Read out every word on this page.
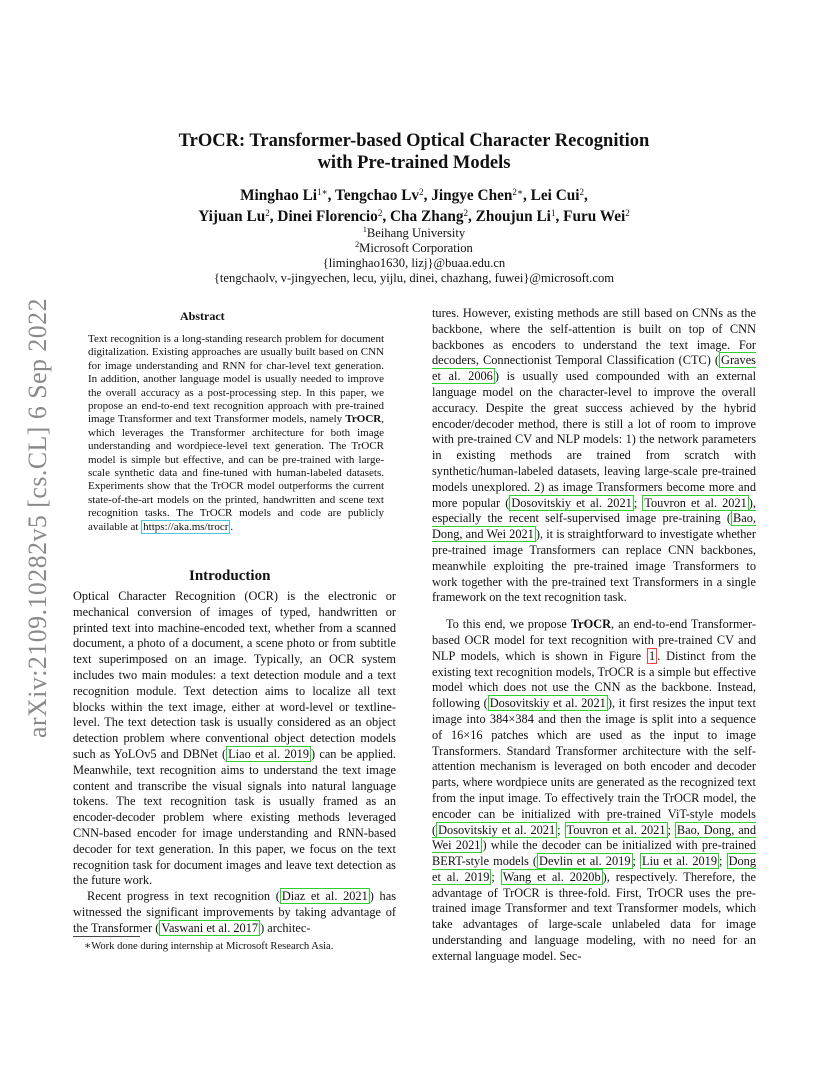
arXiv:2109.10282v5 [cs.CL] 6 Sep 2022
TrOCR: Transformer-based Optical Character Recognition
with Pre-trained Models
Minghao $Li^{1∗}$, Tengchao Lv$^2$, Jingye Chen$^{2∗}$, Lei Cui$^2$,
Yijuan Lu$^2$, Dinei Florencio$^2$, Cha Zhang$^2$, Zhoujun Li$^1$, Furu Wei$^2$
$^1$Beihang University
$^2$Microsoft Corporation
{liminghao1630, lizj}@buaa.edu.cn
{tengchaolv, v-jingyechen, lecu, yijlu, dinei, chazhang, fuwei}@microsoft.com
Abstract
Text recognition is a long-standing research problem for document digitalization. Existing approaches are usually built based on CNN for image understanding and RNN for char-level text generation. In addition, another language model is usually needed to improve the overall accuracy as a post-processing step. In this paper, we propose an end-to-end text recognition approach with pre-trained image Transformer and text Transformer models, namely TrOCR, which leverages the Transformer architecture for both image understanding and wordpiece-level text generation. The TrOCR model is simple but effective, and can be pre-trained with large-scale synthetic data and fine-tuned with human-labeled datasets. Experiments show that the TrOCR model outperforms the current state-of-the-art models on the printed, handwritten and scene text recognition tasks. The TrOCR models and code are publicly available at https://aka.ms/trocr .
Introduction

Optical Character Recognition (OCR) is the electronic or mechanical conversion of images of typed, handwritten or printed text into machine-encoded text, whether from a scanned document, a photo of a document, a scene photo or from subtitle text superimposed on an image. Typically, an OCR system includes two main modules: a text detection module and a text recognition module. Text detection aims to localize all text blocks within the text image, either at word-level or textline-level. The text detection task is usually considered as an object detection problem where conventional object detection models such as YoLOv5 and DBNet ( Liao et al. 2019 ) can be applied. Meanwhile, text recognition aims to understand the text image content and transcribe the visual signals into natural language tokens. The text recognition task is usually framed as an encoder-decoder problem where existing methods leveraged CNN-based encoder for image understanding and RNN-based decoder for text generation. In this paper, we focus on the text recognition task for document images and leave text detection as the future work.

Recent progress in text recognition ( Diaz et al. 2021 ) has witnessed the significant improvements by taking advantage of the Transformer ( Vaswani et al. 2017 ) architec-

∗Work done during internship at Microsoft Research Asia.

tures. However, existing methods are still based on CNNs as the backbone, where the self-attention is built on top of CNN backbones as encoders to understand the text image. For decoders, Connectionist Temporal Classification (CTC) ( Graves et al. 2006 ) is usually used compounded with an external language model on the character-level to improve the overall accuracy. Despite the great success achieved by the hybrid encoder/decoder method, there is still a lot of room to improve with pre-trained CV and NLP models: 1) the network parameters in existing methods are trained from scratch with synthetic/human-labeled datasets, leaving large-scale pre-trained models unexplored. 2) as image Transformers become more and more popular ( Dosovitskiy et al. 2021 ; Touvron et al. 2021 ), especially the recent self-supervised image pre-training ( Bao, Dong, and Wei 2021 ), it is straightforward to investigate whether pre-trained image Transformers can replace CNN backbones, meanwhile exploiting the pre-trained image Transformers to work together with the pre-trained text Transformers in a single framework on the text recognition task.

To this end, we propose TrOCR, an end-to-end Transformer-based OCR model for text recognition with pre-trained CV and NLP models, which is shown in Figure 1 . Distinct from the existing text recognition models, TrOCR is a simple but effective model which does not use the CNN as the backbone. Instead, following ( Dosovitskiy et al. 2021 ), it first resizes the input text image into 384×384 and then the image is split into a sequence of 16×16 patches which are used as the input to image Transformers. Standard Transformer architecture with the self-attention mechanism is leveraged on both encoder and decoder parts, where wordpiece units are generated as the recognized text from the input image. To effectively train the TrOCR model, the encoder can be initialized with pre-trained ViT-style models ( Dosovitskiy et al. 2021 ; Touvron et al. 2021 ; Bao, Dong, and Wei 2021 ) while the decoder can be initialized with pre-trained BERT-style models ( Devlin et al. 2019 ; Liu et al. 2019 ; Dong et al. 2019 ; Wang et al. 2020b ), respectively. Therefore, the advantage of TrOCR is three-fold. First, TrOCR uses the pre-trained image Transformer and text Transformer models, which take advantages of large-scale unlabeled data for image understanding and language modeling, with no need for an external language model. Sec-
